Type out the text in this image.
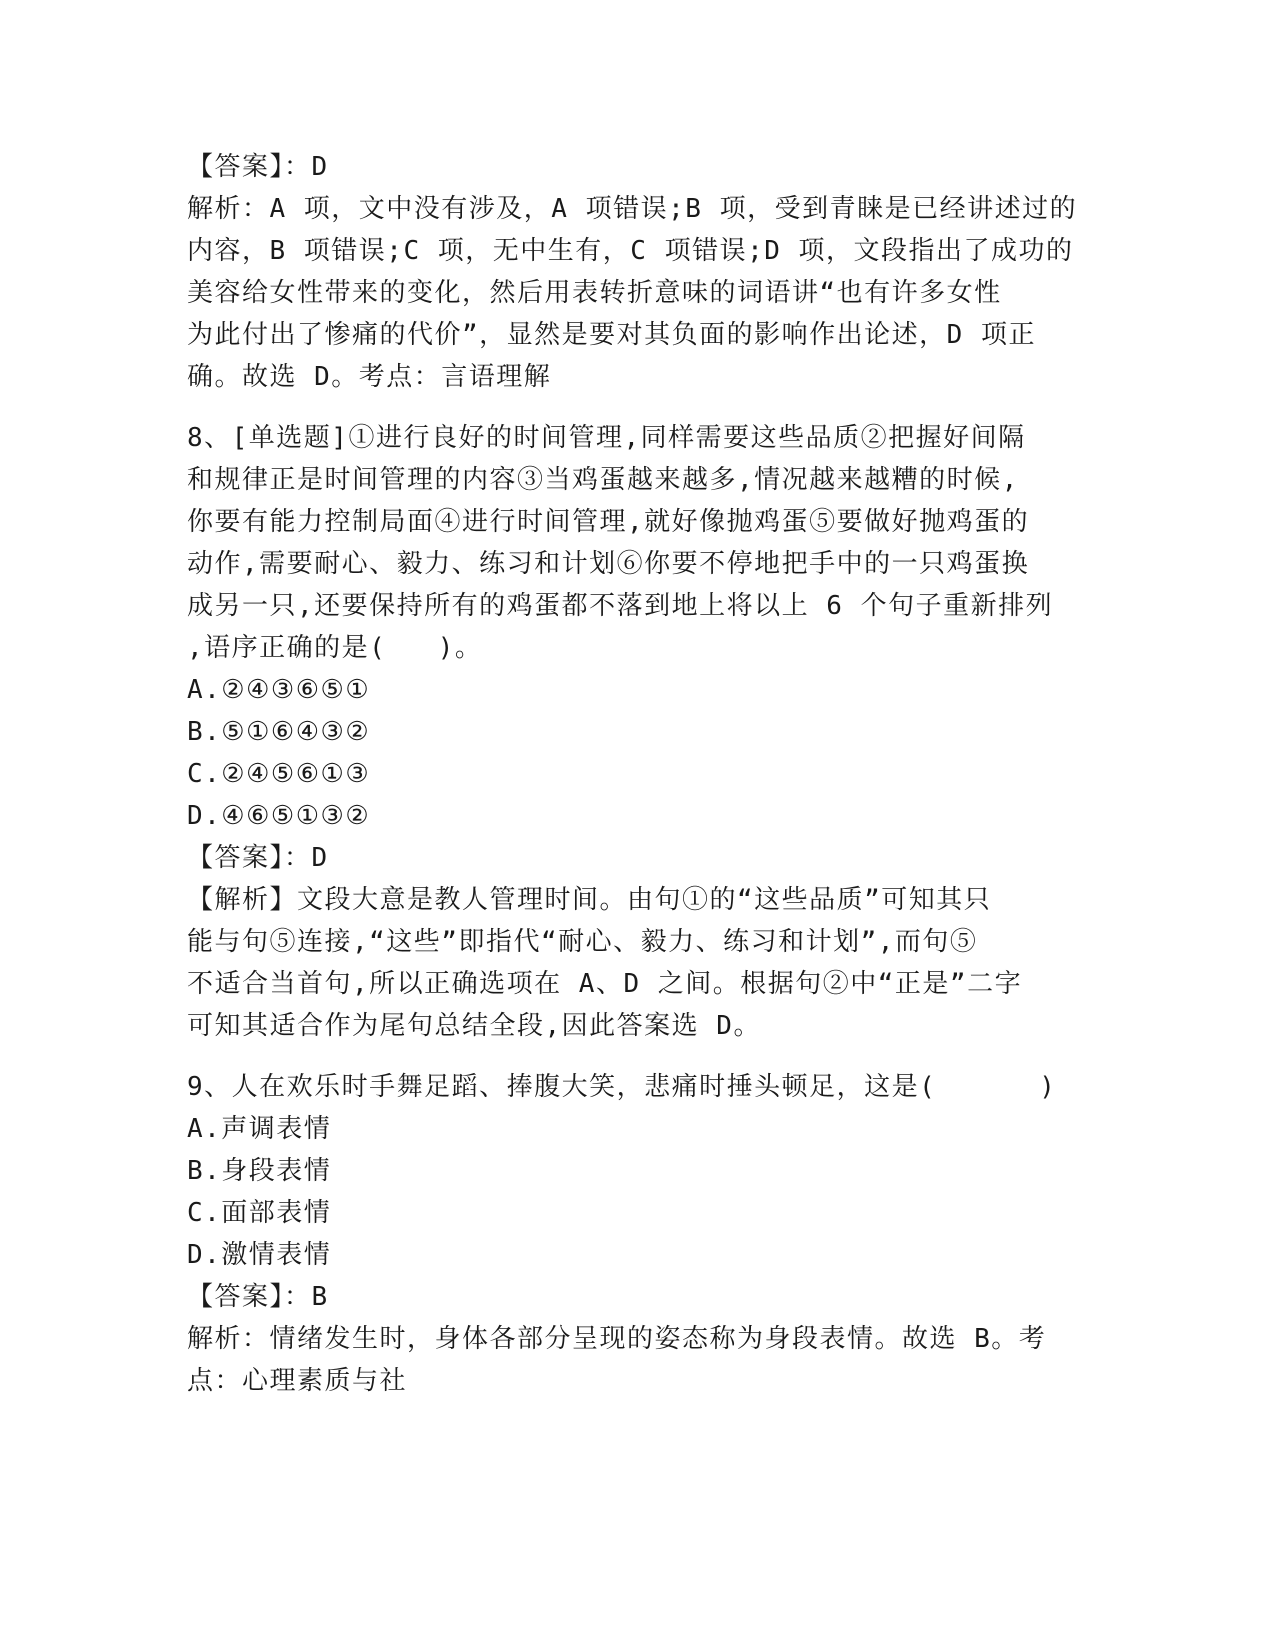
【答案】：D
解析：A 项，文中没有涉及，A 项错误;B 项，受到青睐是已经讲述过的
内容，B 项错误;C 项，无中生有，C 项错误;D 项，文段指出了成功的
美容给女性带来的变化，然后用表转折意味的词语讲“也有许多女性
为此付出了惨痛的代价”，显然是要对其负面的影响作出论述，D 项正
确。故选 D。考点：言语理解
8、[单选题]①进行良好的时间管理,同样需要这些品质②把握好间隔
和规律正是时间管理的内容③当鸡蛋越来越多,情况越来越糟的时候,
你要有能力控制局面④进行时间管理,就好像抛鸡蛋⑤要做好抛鸡蛋的
动作,需要耐心、毅力、练习和计划⑥你要不停地把手中的一只鸡蛋换
成另一只,还要保持所有的鸡蛋都不落到地上将以上 6 个句子重新排列
,语序正确的是(   )。
A.②④③⑥⑤①
B.⑤①⑥④③②
C.②④⑤⑥①③
D.④⑥⑤①③②
【答案】：D
【解析】文段大意是教人管理时间。由句①的“这些品质”可知其只
能与句⑤连接,“这些”即指代“耐心、毅力、练习和计划”,而句⑤
不适合当首句,所以正确选项在 A、D 之间。根据句②中“正是”二字
可知其适合作为尾句总结全段,因此答案选 D。
9、人在欢乐时手舞足蹈、捧腹大笑，悲痛时捶头顿足，这是(      )
A.声调表情
B.身段表情
C.面部表情
D.激情表情
【答案】：B
解析：情绪发生时，身体各部分呈现的姿态称为身段表情。故选 B。考
点：心理素质与社
